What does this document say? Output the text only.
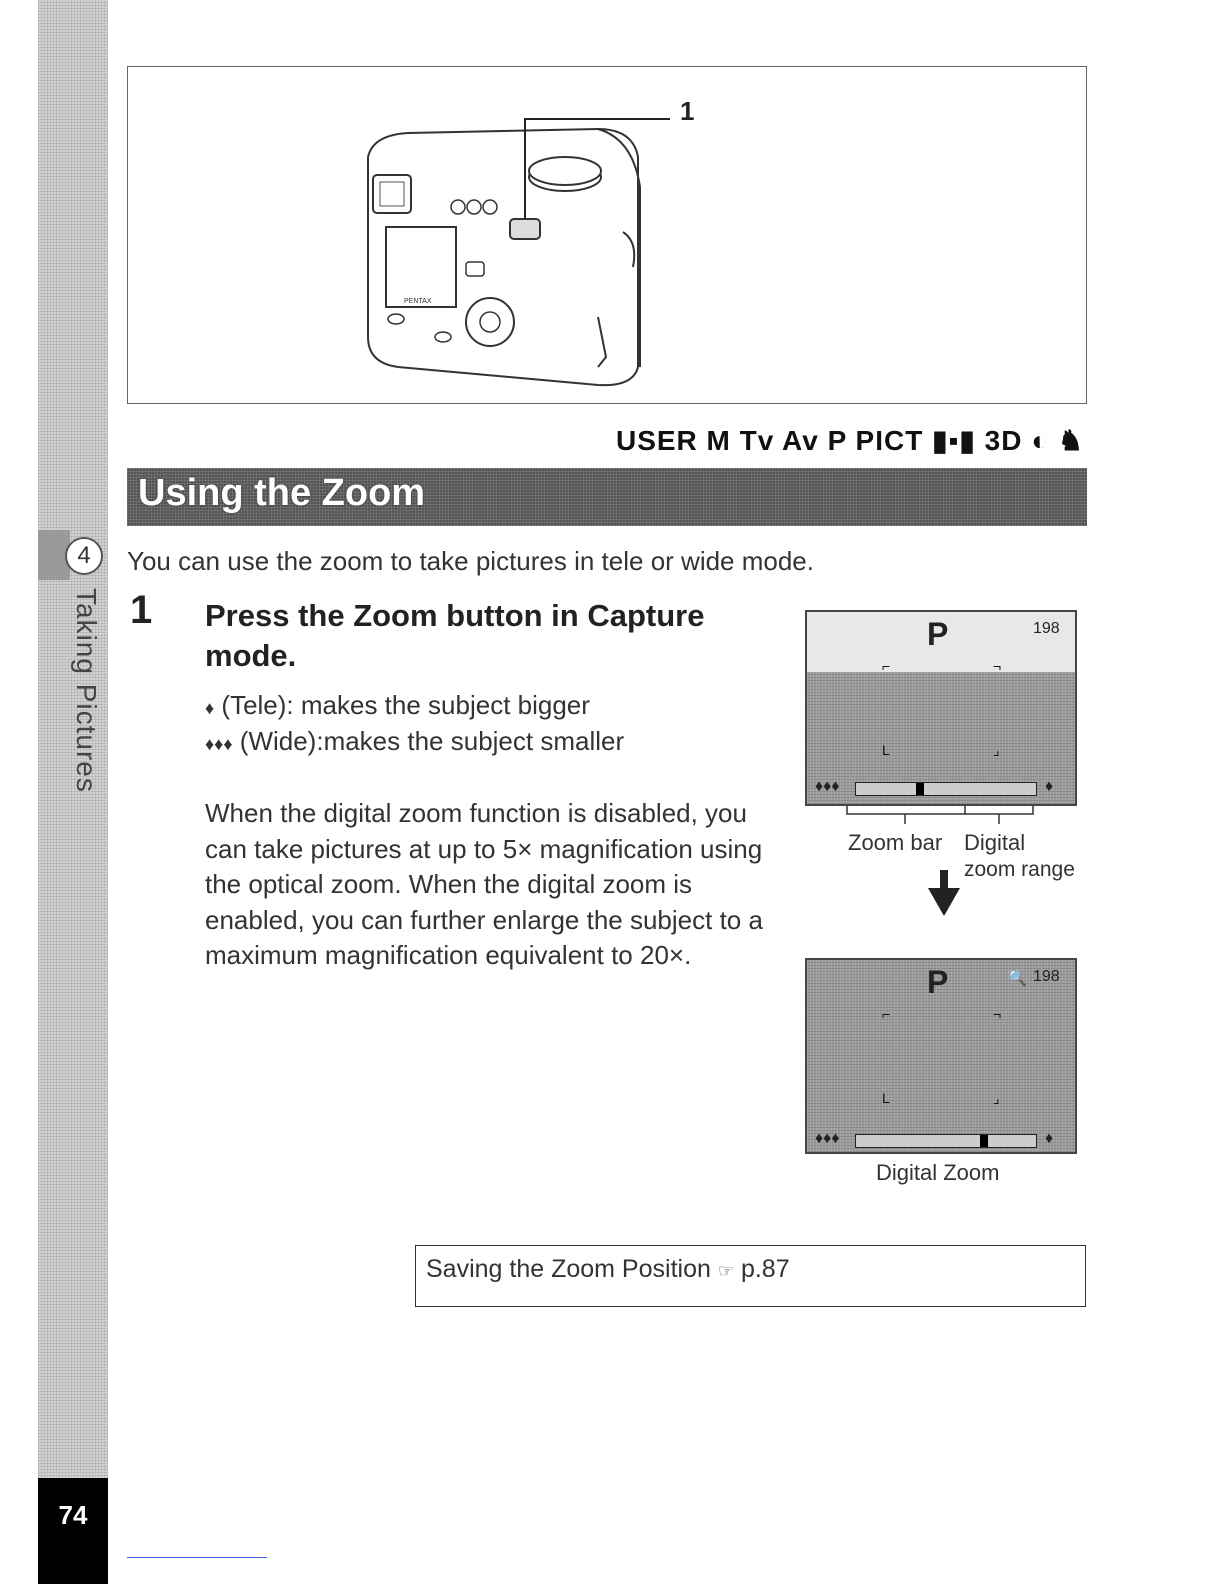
4
Taking Pictures
74
PENTAX
1
USER M Tv Av P PICT ▮▪▮ 3D ◐ ♞
Using the Zoom
You can use the zoom to take pictures in tele or wide mode.
1 Press the Zoom button in Capture mode.
♦ (Tele): makes the subject bigger
♦♦♦ (Wide):makes the subject smaller
When the digital zoom function is disabled, you can take pictures at up to 5× magnification using the optical zoom. When the digital zoom is enabled, you can further enlarge the subject to a maximum magnification equivalent to 20×.
P	198
⌐	¬
L	⌟
♦♦♦	♦
Zoom bar Digital
zoom range
P	🔍 198
⌐	¬
L	⌟
♦♦♦	♦
Digital Zoom
Saving the Zoom Position ☞ p.87
